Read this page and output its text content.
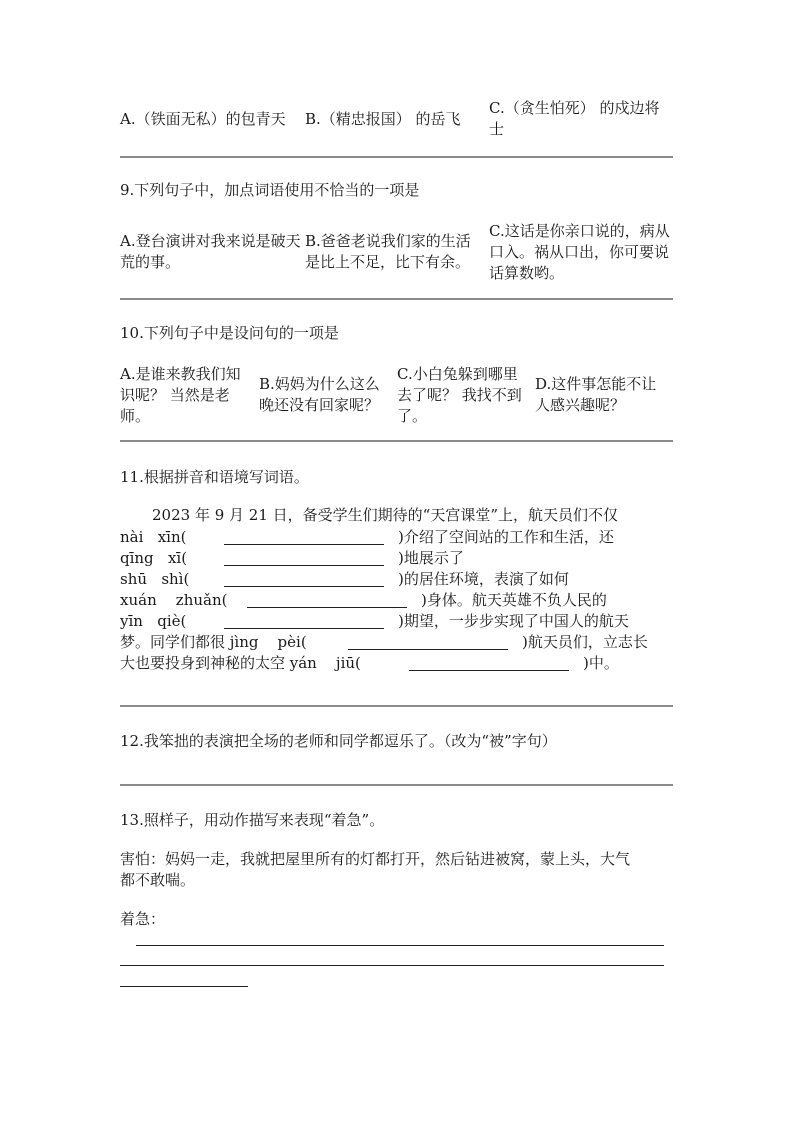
A.（铁面无私）的包青天	B.（精忠报国） 的岳飞
C.（贪生怕死） 的戍边将士
9.下列句子中，加点词语使用不恰当的一项是
A.登台演讲对我来说是破天荒的事。
B.爸爸老说我们家的生活是比上不足，比下有余。
C.这话是你亲口说的，病从口入。祸从口出，你可要说话算数哟。
10.下列句子中是设问句的一项是
A.是谁来教我们知识呢？ 当然是老师。
B.妈妈为什么这么晚还没有回家呢？
C.小白兔躲到哪里去了呢？ 我找不到了。
D.这件事怎能不让人感兴趣呢？
11.根据拼音和语境写词语。
2023 年 9 月 21 日，备受学生们期待的“天宫课堂”上，航天员们不仅
nài   xīn(	)介绍了空间站的工作和生活，还
qīng   xī(	)地展示了
shū   shì(	)的居住环境，表演了如何
xuán    zhuǎn(	)身体。航天英雄不负人民的
yīn   qiè(	)期望，一步步实现了中国人的航天
梦。同学们都很 jìng    pèi(	)航天员们，立志长
大也要投身到神秘的太空 yán    jiū(	)中。
12.我笨拙的表演把全场的老师和同学都逗乐了。（改为“被”字句）
13.照样子，用动作描写来表现“着急”。
害怕：妈妈一走，我就把屋里所有的灯都打开，然后钻进被窝，蒙上头，大气
都不敢喘。
着急：
